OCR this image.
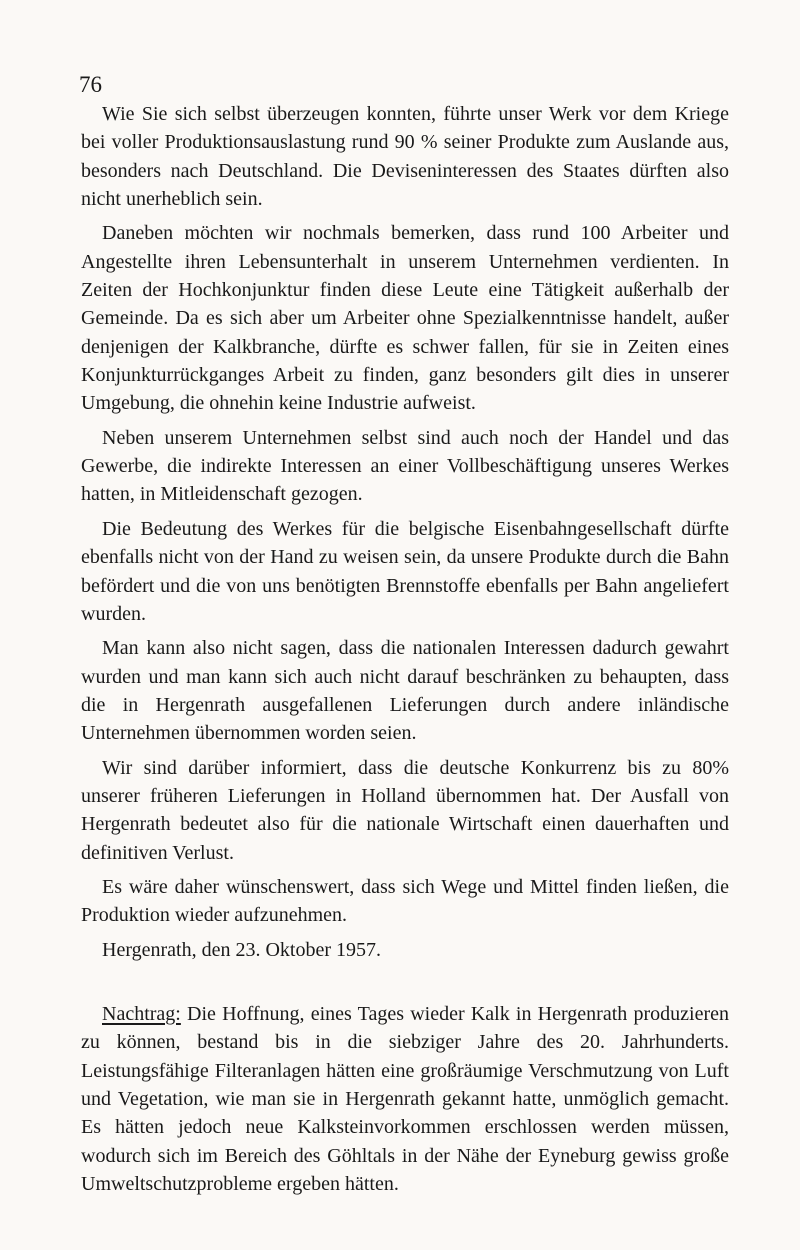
76

Wie Sie sich selbst überzeugen konnten, führte unser Werk vor dem Kriege bei voller Produktionsauslastung rund 90 % seiner Produkte zum Auslande aus, besonders nach Deutschland. Die Deviseninteressen des Staates dürften also nicht unerheblich sein.

Daneben möchten wir nochmals bemerken, dass rund 100 Arbeiter und Angestellte ihren Lebensunterhalt in unserem Unternehmen verdienten. In Zeiten der Hochkonjunktur finden diese Leute eine Tätigkeit außerhalb der Gemeinde. Da es sich aber um Arbeiter ohne Spezialkenntnisse handelt, außer denjenigen der Kalkbranche, dürfte es schwer fallen, für sie in Zeiten eines Konjunkturrückganges Arbeit zu finden, ganz besonders gilt dies in unserer Umgebung, die ohnehin keine Industrie aufweist.

Neben unserem Unternehmen selbst sind auch noch der Handel und das Gewerbe, die indirekte Interessen an einer Vollbeschäftigung unseres Werkes hatten, in Mitleidenschaft gezogen.

Die Bedeutung des Werkes für die belgische Eisenbahngesellschaft dürfte ebenfalls nicht von der Hand zu weisen sein, da unsere Produkte durch die Bahn befördert und die von uns benötigten Brennstoffe ebenfalls per Bahn angeliefert wurden.

Man kann also nicht sagen, dass die nationalen Interessen dadurch gewahrt wurden und man kann sich auch nicht darauf beschränken zu behaupten, dass die in Hergenrath ausgefallenen Lieferungen durch andere inländische Unternehmen übernommen worden seien.

Wir sind darüber informiert, dass die deutsche Konkurrenz bis zu 80% unserer früheren Lieferungen in Holland übernommen hat. Der Ausfall von Hergenrath bedeutet also für die nationale Wirtschaft einen dauerhaften und definitiven Verlust.

Es wäre daher wünschenswert, dass sich Wege und Mittel finden ließen, die Produktion wieder aufzunehmen.

Hergenrath, den 23. Oktober 1957.

Nachtrag: Die Hoffnung, eines Tages wieder Kalk in Hergenrath produzieren zu können, bestand bis in die siebziger Jahre des 20. Jahrhunderts. Leistungsfähige Filteranlagen hätten eine großräumige Verschmutzung von Luft und Vegetation, wie man sie in Hergenrath gekannt hatte, unmöglich gemacht. Es hätten jedoch neue Kalksteinvorkommen erschlossen werden müssen, wodurch sich im Bereich des Göhltals in der Nähe der Eyneburg gewiss große Umweltschutzprobleme ergeben hätten.
